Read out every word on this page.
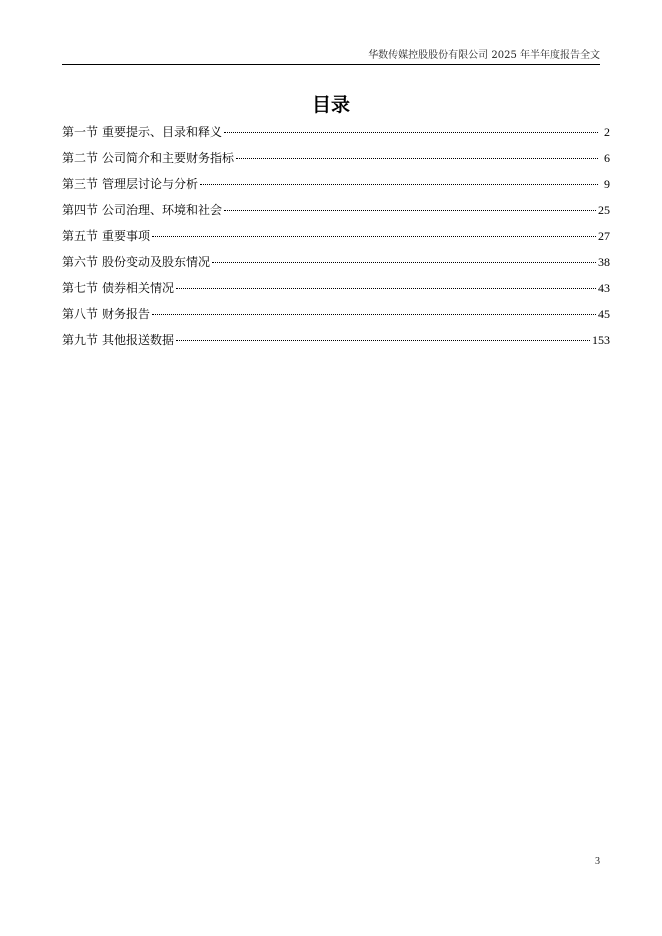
华数传媒控股股份有限公司 2025 年半年度报告全文
目录
第一节 重要提示、目录和释义	2
第二节 公司简介和主要财务指标	6
第三节 管理层讨论与分析	9
第四节 公司治理、环境和社会	25
第五节 重要事项	27
第六节 股份变动及股东情况	38
第七节 债券相关情况	43
第八节 财务报告	45
第九节 其他报送数据	153
3
